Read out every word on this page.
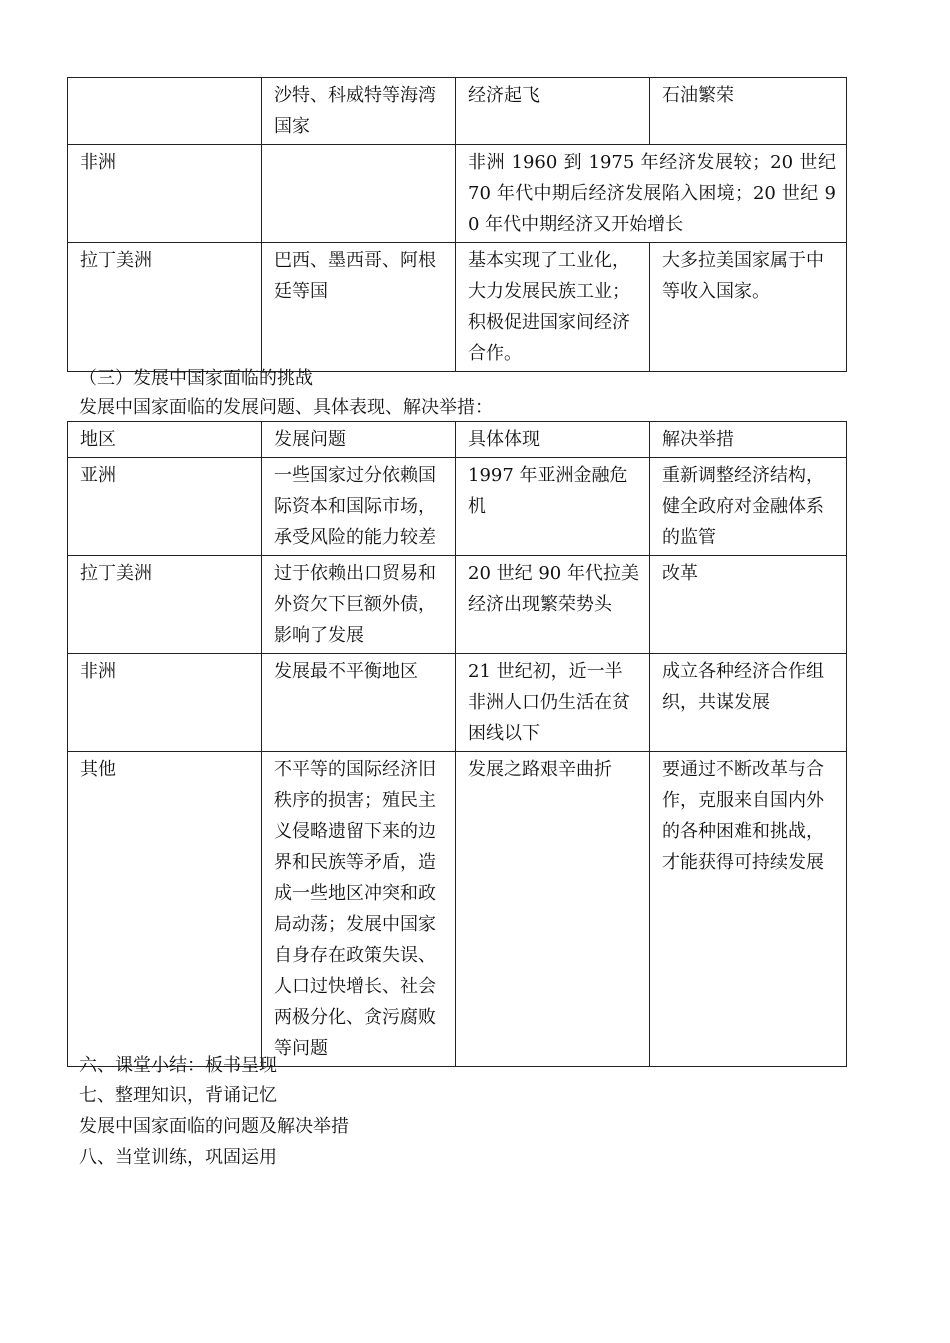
	沙特、科威特等海湾国家	经济起飞	石油繁荣
非洲		非洲 1960 到 1975 年经济发展较；20 世纪 70 年代中期后经济发展陷入困境；20 世纪 90 年代中期经济又开始增长	
拉丁美洲	巴西、墨西哥、阿根廷等国	基本实现了工业化，大力发展民族工业；积极促进国家间经济合作。	大多拉美国家属于中等收入国家。
（三）发展中国家面临的挑战
发展中国家面临的发展问题、具体表现、解决举措：
地区	发展问题	具体体现	解决举措
亚洲	一些国家过分依赖国际资本和国际市场，承受风险的能力较差	1997 年亚洲金融危机	重新调整经济结构，健全政府对金融体系的监管
拉丁美洲	过于依赖出口贸易和外资欠下巨额外债，影响了发展	20 世纪 90 年代拉美经济出现繁荣势头	改革
非洲	发展最不平衡地区	21 世纪初，近一半非洲人口仍生活在贫困线以下	成立各种经济合作组织，共谋发展
其他	不平等的国际经济旧秩序的损害；殖民主义侵略遗留下来的边界和民族等矛盾，造成一些地区冲突和政局动荡；发展中国家自身存在政策失误、人口过快增长、社会两极分化、贪污腐败等问题	发展之路艰辛曲折	要通过不断改革与合作，克服来自国内外的各种困难和挑战，才能获得可持续发展
六、课堂小结：板书呈现
七、整理知识，背诵记忆
发展中国家面临的问题及解决举措
八、当堂训练，巩固运用
